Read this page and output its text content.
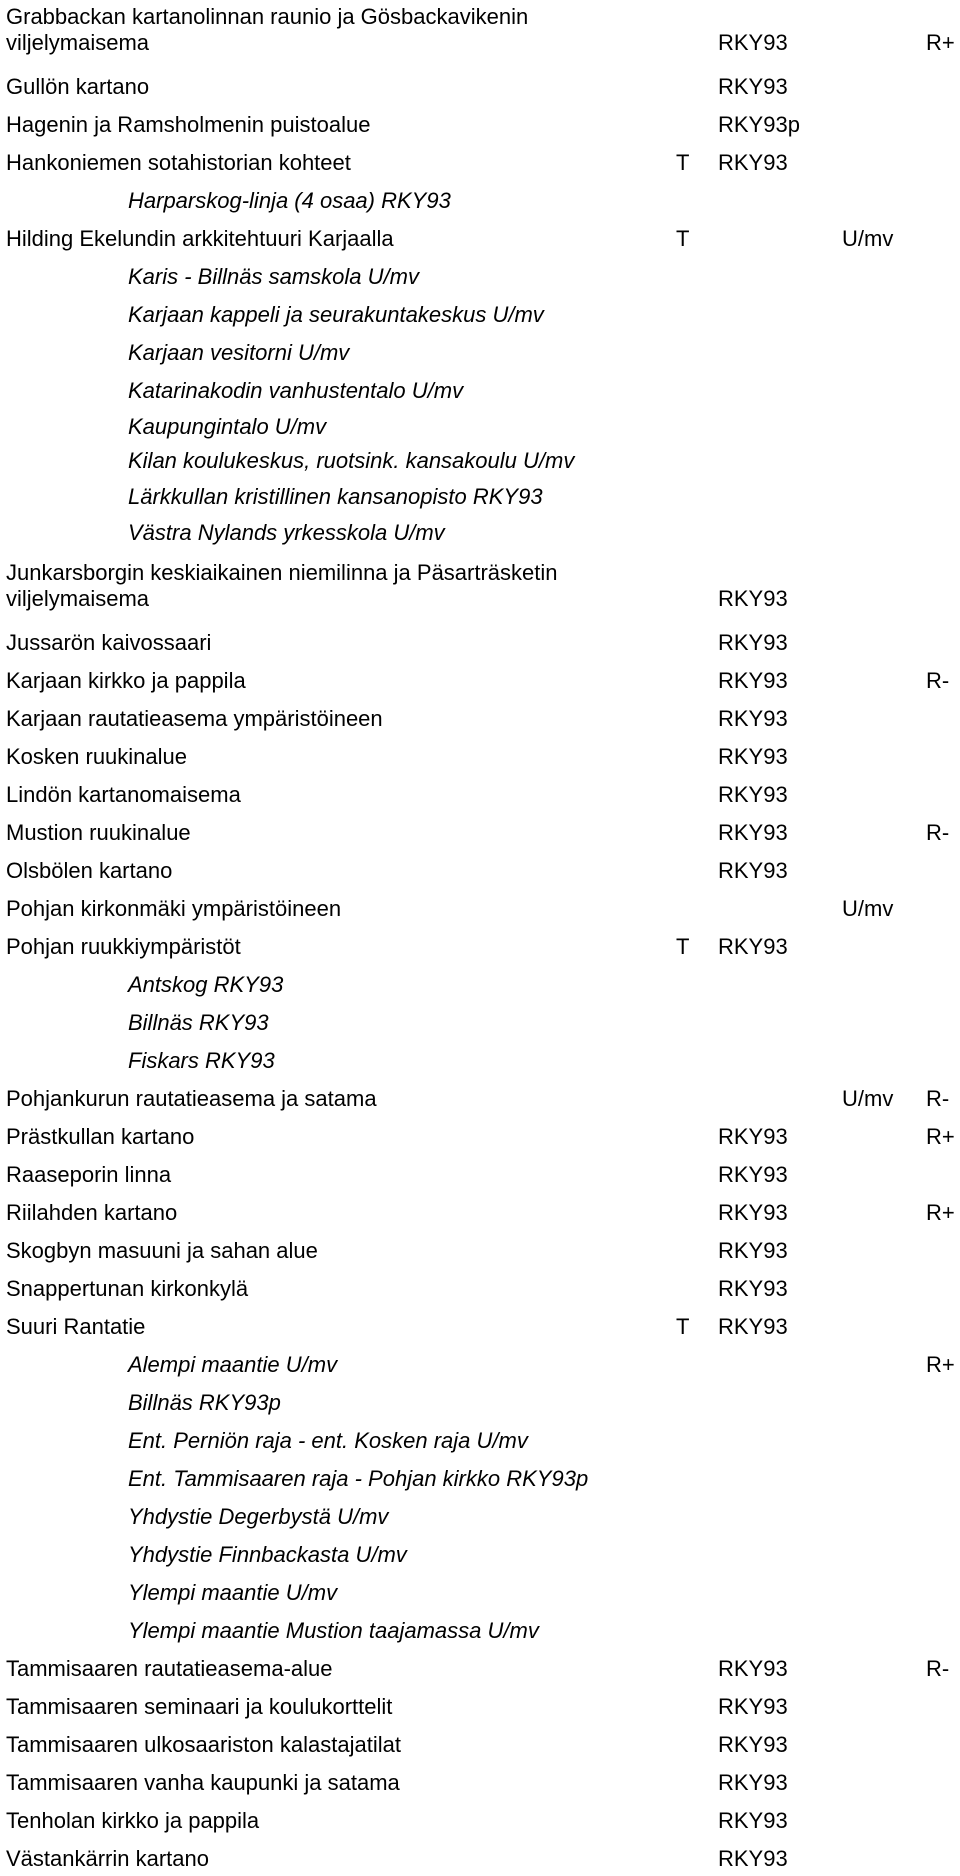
Grabbackan kartanolinnan raunio ja Gösbackavikenin
viljelymaisema	RKY93	R+
Gullön kartano	RKY93
Hagenin ja Ramsholmenin puistoalue	RKY93p
Hankoniemen sotahistorian kohteet	T RKY93
Harparskog-linja (4 osaa) RKY93
Hilding Ekelundin arkkitehtuuri Karjaalla	T	U/mv
Karis - Billnäs samskola U/mv
Karjaan kappeli ja seurakuntakeskus U/mv
Karjaan vesitorni U/mv
Katarinakodin vanhustentalo U/mv
Kaupungintalo U/mv
Kilan koulukeskus, ruotsink. kansakoulu U/mv
Lärkkullan kristillinen kansanopisto RKY93
Västra Nylands yrkesskola U/mv
Junkarsborgin keskiaikainen niemilinna ja Päsarträsketin
viljelymaisema	RKY93
Jussarön kaivossaari	RKY93
Karjaan kirkko ja pappila	RKY93	R-
Karjaan rautatieasema ympäristöineen	RKY93
Kosken ruukinalue	RKY93
Lindön kartanomaisema	RKY93
Mustion ruukinalue	RKY93	R-
Olsbölen kartano	RKY93
Pohjan kirkonmäki ympäristöineen	U/mv
Pohjan ruukkiympäristöt	T RKY93
Antskog RKY93
Billnäs RKY93
Fiskars RKY93
Pohjankurun rautatieasema ja satama	U/mv R-
Prästkullan kartano	RKY93	R+
Raaseporin linna	RKY93
Riilahden kartano	RKY93	R+
Skogbyn masuuni ja sahan alue	RKY93
Snappertunan kirkonkylä	RKY93
Suuri Rantatie	T RKY93
Alempi maantie U/mv	R+
Billnäs RKY93p
Ent. Perniön raja - ent. Kosken raja U/mv
Ent. Tammisaaren raja - Pohjan kirkko RKY93p
Yhdystie Degerbystä U/mv
Yhdystie Finnbackasta U/mv
Ylempi maantie U/mv
Ylempi maantie Mustion taajamassa U/mv
Tammisaaren rautatieasema-alue	RKY93	R-
Tammisaaren seminaari ja koulukorttelit	RKY93
Tammisaaren ulkosaariston kalastajatilat	RKY93
Tammisaaren vanha kaupunki ja satama	RKY93
Tenholan kirkko ja pappila	RKY93
Västankärrin kartano	RKY93
